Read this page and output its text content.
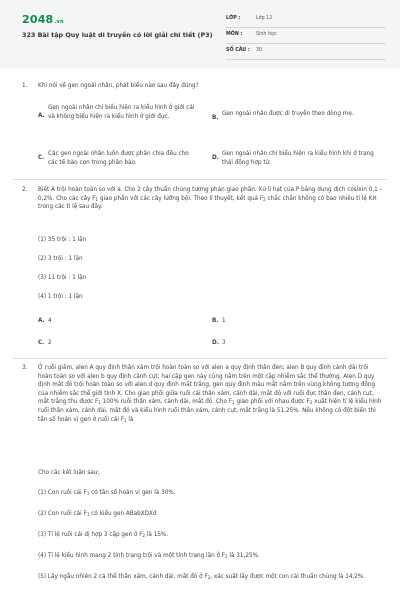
2048.vn
323 Bài tập Quy luật di truyền có lời giải chi tiết (P3)
LỚP :	Lớp 12
MÔN :	Sinh học
SỐ CÂU : 30
1. Khi nói về gen ngoài nhân, phát biểu nào sau đây đúng?
A.
Gen ngoài nhân chỉ biểu hiện ra kiểu hình ở giới cái và không biểu hiện ra kiểu hình ở giới đực.	B.
Gen ngoài nhân được di truyền theo dòng mẹ.
C.
Các gen ngoài nhân luôn được phân chia đều cho các tế bào con trong phân bào.
D.
Gen ngoài nhân chỉ biểu hiện ra kiểu hình khi ở trạng thái đồng hợp tử.
2. Biết A trội hoàn toàn so với a. Cho 2 cây thuần chủng tương phản giao phấn. Xử lí hạt của P bằng dung dịch cosixin 0,1 – 0,2%. Cho các cây F1 giao phấn với các cây lưỡng bội. Theo lí thuyết, kết quả F2 chắc chắn không có bao nhiêu tỉ lệ KH trong các tỉ lệ sau đây.
(1) 35 trội : 1 lặn
(2) 3 trội : 1 lặn
(3) 11 trội : 1 lặn
(4) 1 trội : 1 lặn
A. 4	B. 1
C. 2	D. 3
3. Ở ruồi giấm, alen A quy định thân xám trội hoàn toàn so với alen a quy định thân đen; alen B quy định cánh dài trội hoàn toàn so với alen b quy định cánh cụt; hai cặp gen này cùng nằm trên một cặp nhiễm sắc thể thường. Alen D quy định mắt đỏ trội hoàn toàn so với alen d quy định mắt trắng, gen quy định màu mắt nằm trên vùng không tương đồng của nhiễm sắc thể giới tính X. Cho giao phối giữa ruồi cái thân xám, cánh dài, mắt đỏ với ruồi đực thân đen, cánh cụt, mắt trắng thu được F1 100% ruồi thân xám, cánh dài, mắt đỏ. Cho F1 giao phối với nhau được F2 xuất hiện tỉ lệ kiểu hình ruồi thân xám, cánh dài, mắt đỏ và kiểu hình ruồi thân xám, cánh cụt, mắt trắng là 51,25%. Nếu không có đột biến thì tần số hoán vị gen ở ruồi cái F1 là
Cho các kết luận sau:
(1) Con ruồi cái F1 có tần số hoán vị gen là 30%.
(2) Con ruồi cái F1 có kiểu gen ABabXDXd
(3) Tỉ lệ ruồi cái dị hợp 3 cặp gen ở F2 là 15%.
(4) Tỉ lệ kiểu hình mang 2 tính trạng trội và một tính trạng lặn ở F2 là 31,25%.
(5) Lấy ngẫu nhiên 2 cá thể thân xám, cánh dài, mắt đỏ ở F2, xác suất lấy được một con cái thuần chủng là 14,2%.
